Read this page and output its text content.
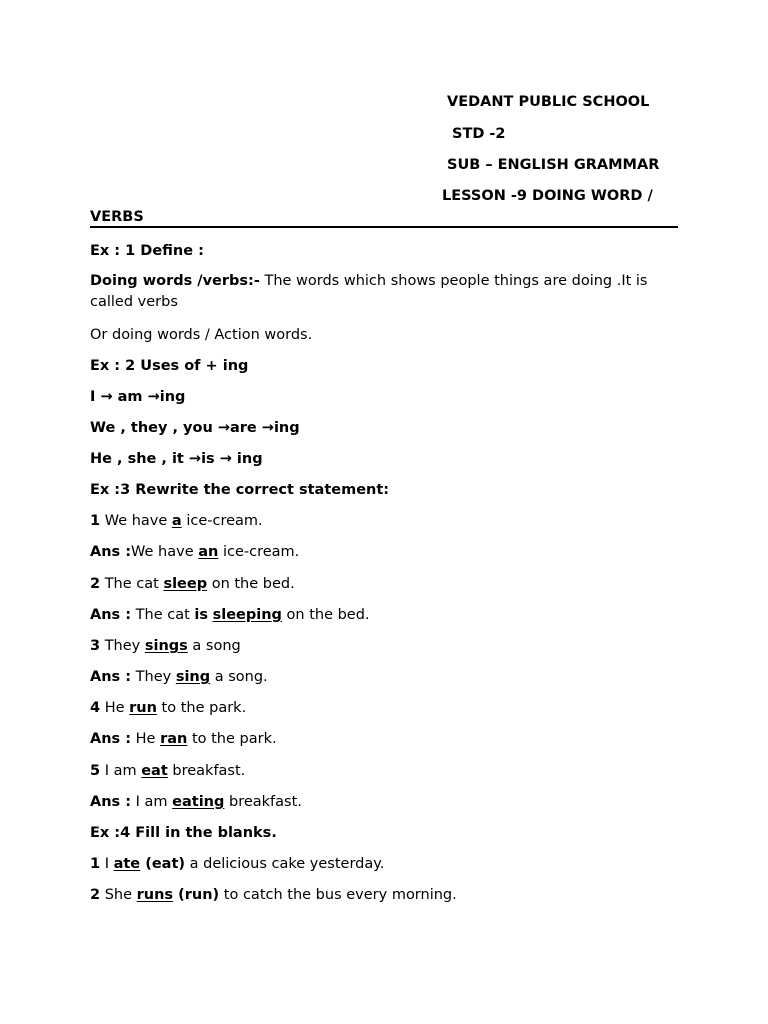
VEDANT PUBLIC SCHOOL
STD -2
SUB – ENGLISH GRAMMAR
LESSON -9 DOING WORD /
VERBS
Ex : 1 Define :
Doing words /verbs:- The words which shows people things are doing .It is called verbs
Or doing words / Action words.
Ex : 2 Uses of + ing
I → am →ing
We , they , you →are →ing
He , she , it →is → ing
Ex :3 Rewrite the correct statement:
1 We have a ice-cream.
Ans :We have an ice-cream.
2 The cat sleep on the bed.
Ans : The cat is sleeping on the bed.
3 They sings a song
Ans : They sing a song.
4 He run to the park.
Ans : He ran to the park.
5 I am eat breakfast.
Ans : I am eating breakfast.
Ex :4 Fill in the blanks.
1 I ate (eat) a delicious cake yesterday.
2 She runs (run) to catch the bus every morning.
